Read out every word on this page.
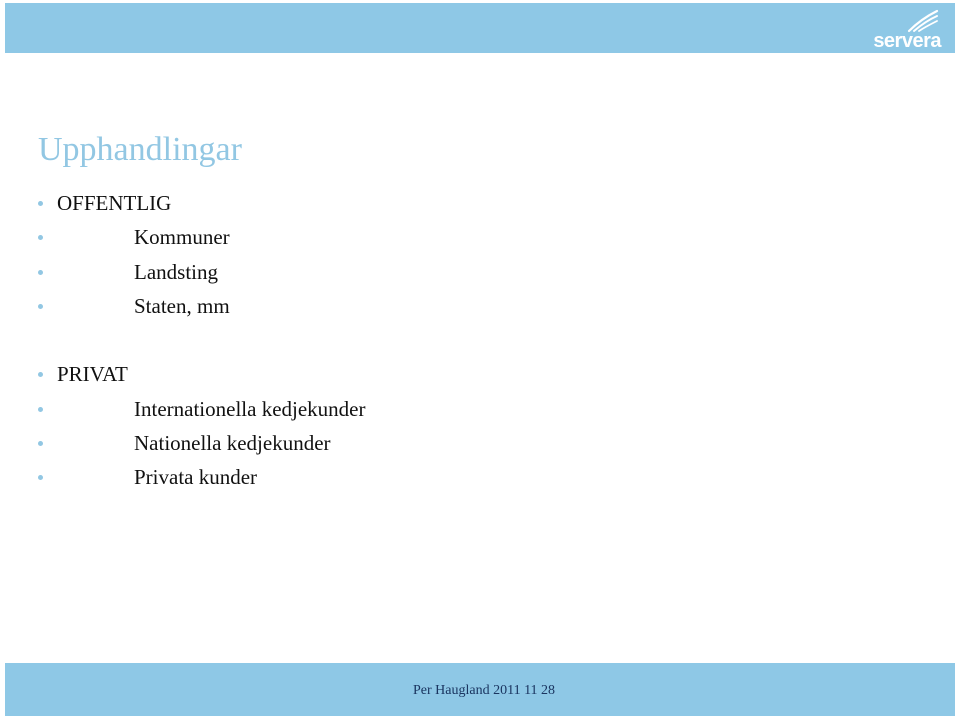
servera
Upphandlingar
OFFENTLIG
Kommuner
Landsting
Staten, mm
PRIVAT
Internationella kedjekunder
Nationella kedjekunder
Privata kunder
Per Haugland 2011 11 28
